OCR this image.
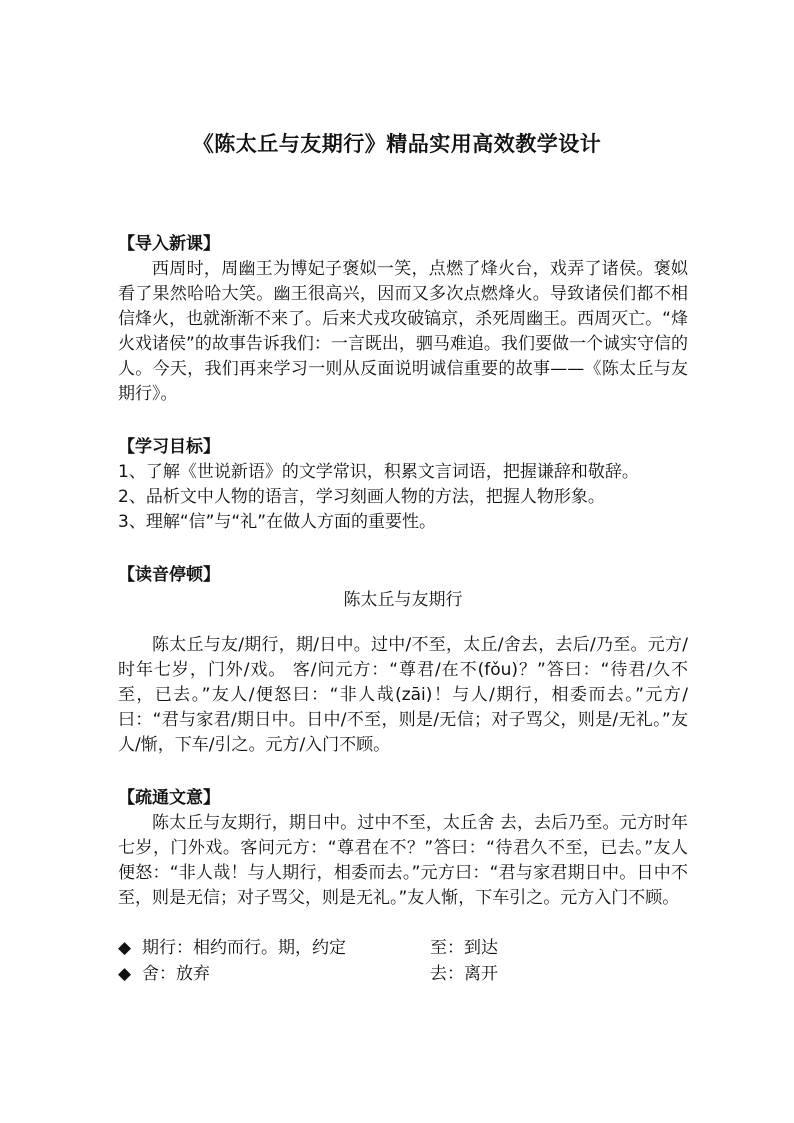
《陈太丘与友期行》精品实用高效教学设计

【导入新课】

西周时，周幽王为博妃子褒姒一笑，点燃了烽火台，戏弄了诸侯。褒姒看了果然哈哈大笑。幽王很高兴，因而又多次点燃烽火。导致诸侯们都不相信烽火，也就渐渐不来了。后来犬戎攻破镐京，杀死周幽王。西周灭亡。“烽火戏诸侯”的故事告诉我们：一言既出，驷马难追。我们要做一个诚实守信的人。今天，我们再来学习一则从反面说明诚信重要的故事——《陈太丘与友期行》。

【学习目标】

1、了解《世说新语》的文学常识，积累文言词语，把握谦辞和敬辞。

2、品析文中人物的语言，学习刻画人物的方法，把握人物形象。

3、理解“信”与“礼”在做人方面的重要性。

【读音停顿】

陈太丘与友期行

陈太丘与友/期行，期/日中。过中/不至，太丘/舍去，去后/乃至。元方/时年七岁，门外/戏。 客/问元方：“尊君/在不(fǒu)？”答曰：“待君/久不至，已去。”友人/便怒曰：“非人哉(zāi)！与人/期行，相委而去。”元方/曰：“君与家君/期日中。日中/不至，则是/无信；对子骂父，则是/无礼。”友人/惭，下车/引之。元方/入门不顾。

【疏通文意】

陈太丘与友期行，期日中。过中不至，太丘舍 去，去后乃至。元方时年七岁，门外戏。客问元方：“尊君在不？”答曰：“待君久不至，已去。”友人便怒：“非人哉！与人期行，相委而去。”元方曰：“君与家君期日中。日中不至，则是无信；对子骂父，则是无礼。”友人惭，下车引之。元方入门不顾。

◆ 期行：相约而行。期，约定	至：到达
◆ 舍：放弃	去：离开
